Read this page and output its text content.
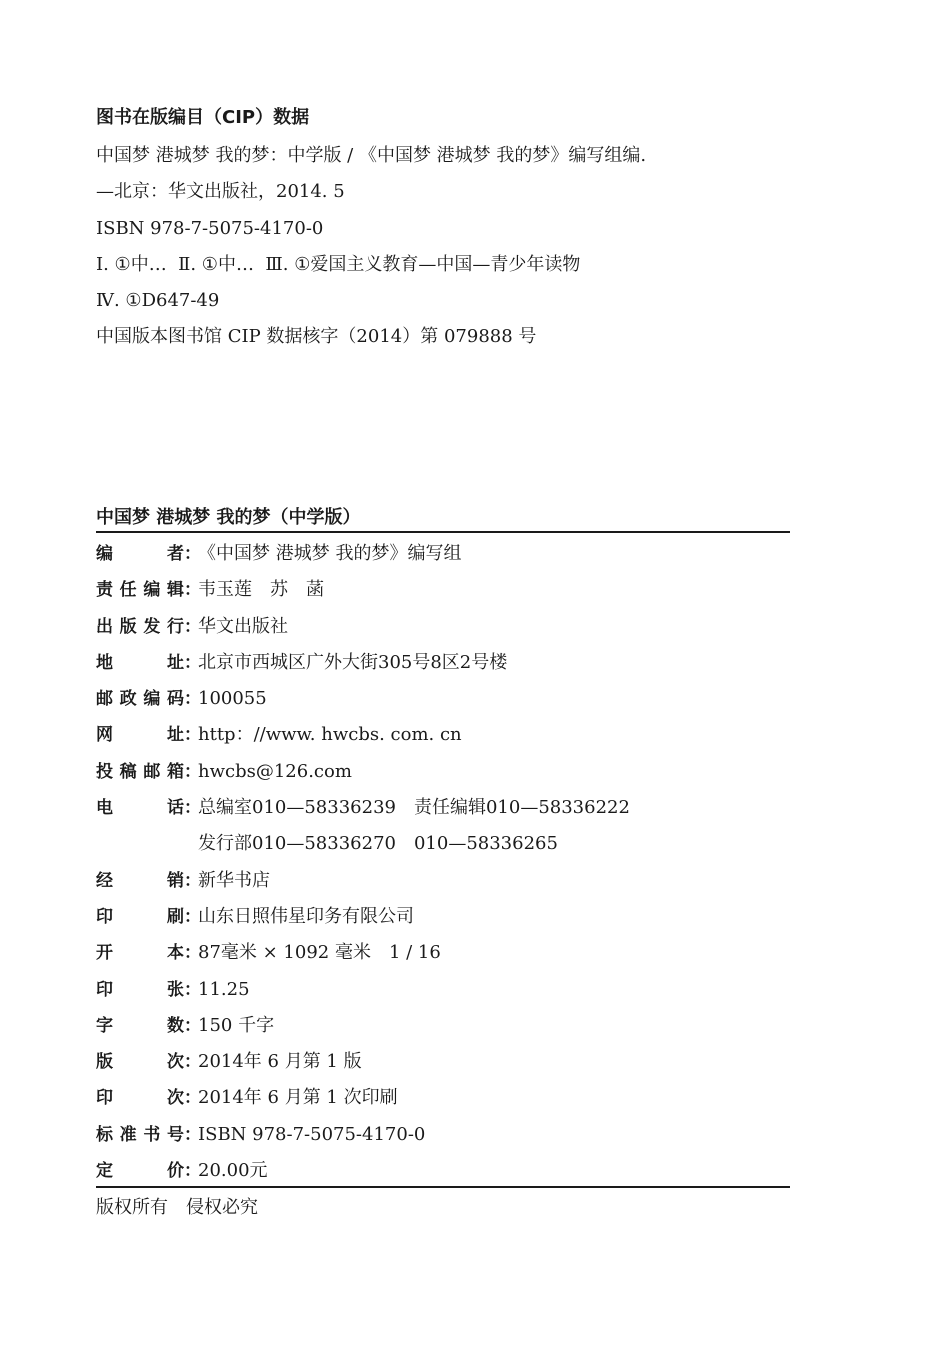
图书在版编目（CIP）数据
中国梦 港城梦 我的梦：中学版 / 《中国梦 港城梦 我的梦》编写组编.
—北京：华文出版社，2014. 5
ISBN 978-7-5075-4170-0
Ⅰ. ①中…  Ⅱ. ①中…  Ⅲ. ①爱国主义教育—中国—青少年读物
Ⅳ. ①D647-49
中国版本图书馆 CIP 数据核字（2014）第 079888 号
中国梦 港城梦 我的梦（中学版）
编	者 ：
《中国梦 港城梦 我的梦》编写组
责 任 编 辑 ：
韦玉莲　苏　菡
出 版 发 行 ：
华文出版社
地	址 ：
北京市西城区广外大街305号8区2号楼
邮 政 编 码 ：
100055
网	址 ：
http：//www. hwcbs. com. cn
投 稿 邮 箱 ：
hwcbs@126.com
电	话 ：
总编室010—58336239　责任编辑010—58336222
发行部010—58336270　010—58336265
经	销 ：
新华书店
印	刷 ：
山东日照伟星印务有限公司
开	本 ：
87毫米 × 1092 毫米　1 / 16
印	张 ：
11.25
字	数 ：
150 千字
版	次 ：
2014年 6 月第 1 版
印	次 ：
2014年 6 月第 1 次印刷
标 准 书 号 ：
ISBN 978-7-5075-4170-0
定	价 ：
20.00元
版权所有　侵权必究
